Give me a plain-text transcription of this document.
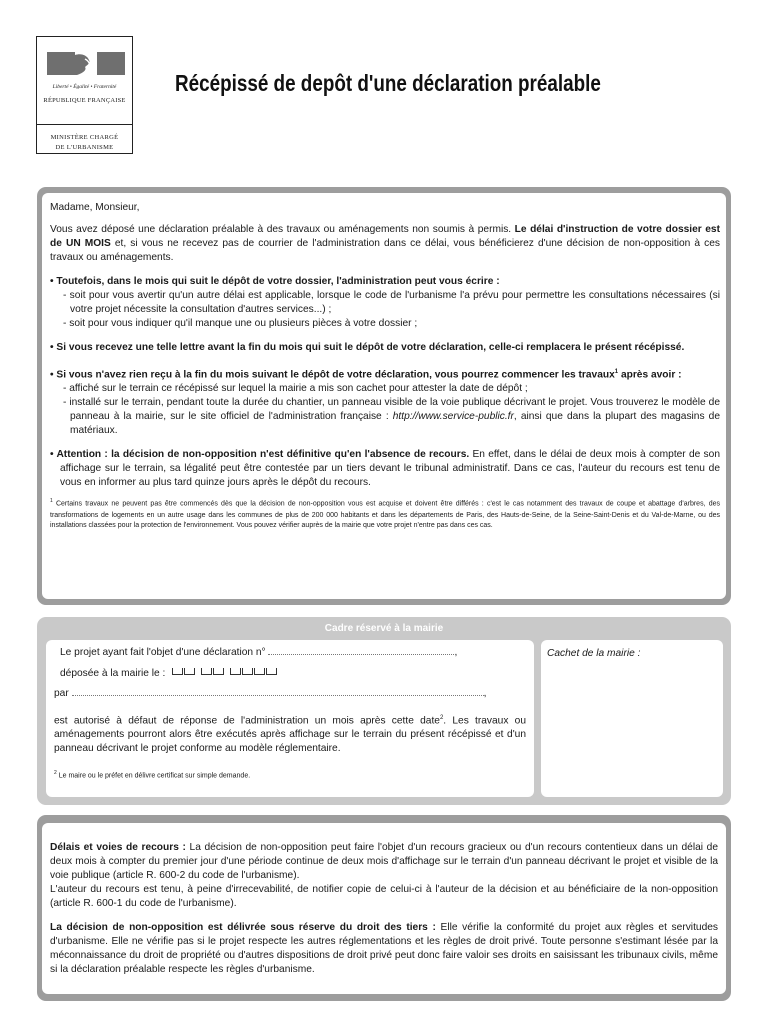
Liberté • Égalité • Fraternité
RÉPUBLIQUE FRANÇAISE
MINISTÈRE CHARGÉ
DE L'URBANISME
Récépissé de depôt d'une déclaration préalable

Madame, Monsieur,

Vous avez déposé une déclaration préalable à des travaux ou aménagements non soumis à permis. Le délai d'instruction de votre dossier est de UN MOIS et, si vous ne recevez pas de courrier de l'administration dans ce délai, vous bénéficierez d'une décision de non-opposition à ces travaux ou aménagements.

• Toutefois, dans le mois qui suit le dépôt de votre dossier, l'administration peut vous écrire :

- soit pour vous avertir qu'un autre délai est applicable, lorsque le code de l'urbanisme l'a prévu pour permettre les consultations nécessaires (si votre projet nécessite la consultation d'autres services...) ;

- soit pour vous indiquer qu'il manque une ou plusieurs pièces à votre dossier ;

• Si vous recevez une telle lettre avant la fin du mois qui suit le dépôt de votre déclaration, celle-ci remplacera le présent récépissé.

• Si vous n'avez rien reçu à la fin du mois suivant le dépôt de votre déclaration, vous pourrez commencer les travaux$^1$ après avoir :

- affiché sur le terrain ce récépissé sur lequel la mairie a mis son cachet pour attester la date de dépôt ;

- installé sur le terrain, pendant toute la durée du chantier, un panneau visible de la voie publique décrivant le projet. Vous trouverez le modèle de panneau à la mairie, sur le site officiel de l'administration française : http://www.service-public.fr, ainsi que dans la plupart des magasins de matériaux.

• Attention : la décision de non-opposition n'est définitive qu'en l'absence de recours. En effet, dans le délai de deux mois à compter de son affichage sur le terrain, sa légalité peut être contestée par un tiers devant le tribunal administratif. Dans ce cas, l'auteur du recours est tenu de vous en informer au plus tard quinze jours après le dépôt du recours.

$^1$ Certains travaux ne peuvent pas être commencés dès que la décision de non-opposition vous est acquise et doivent être différés : c'est le cas notamment des travaux de coupe et abattage d'arbres, des transformations de logements en un autre usage dans les communes de plus de 200 000 habitants et dans les départements de Paris, des Hauts-de-Seine, de la Seine-Saint-Denis et du Val-de-Marne, ou des installations classées pour la protection de l'environnement. Vous pouvez vérifier auprès de la mairie que votre projet n'entre pas dans ces cas.

Cadre réservé à la mairie

Le projet ayant fait l'objet d'une déclaration n°	,

déposée à la mairie le :

par	,

est autorisé à défaut de réponse de l'administration un mois après cette date$^2$. Les travaux ou aménagements pourront alors être exécutés après affichage sur le terrain du présent récépissé et d'un panneau décrivant le projet conforme au modèle réglementaire.

$^2$ Le maire ou le préfet en délivre certificat sur simple demande.

Cachet de la mairie :

Délais et voies de recours : La décision de non-opposition peut faire l'objet d'un recours gracieux ou d'un recours contentieux dans un délai de deux mois à compter du premier jour d'une période continue de deux mois d'affichage sur le terrain d'un panneau décrivant le projet et visible de la voie publique (article R. 600-2 du code de l'urbanisme).

L'auteur du recours est tenu, à peine d'irrecevabilité, de notifier copie de celui-ci à l'auteur de la décision et au bénéficiaire de la non-opposition (article R. 600-1 du code de l'urbanisme).

La décision de non-opposition est délivrée sous réserve du droit des tiers : Elle vérifie la conformité du projet aux règles et servitudes d'urbanisme. Elle ne vérifie pas si le projet respecte les autres réglementations et les règles de droit privé. Toute personne s'estimant lésée par la méconnaissance du droit de propriété ou d'autres dispositions de droit privé peut donc faire valoir ses droits en saisissant les tribunaux civils, même si la déclaration préalable respecte les règles d'urbanisme.
